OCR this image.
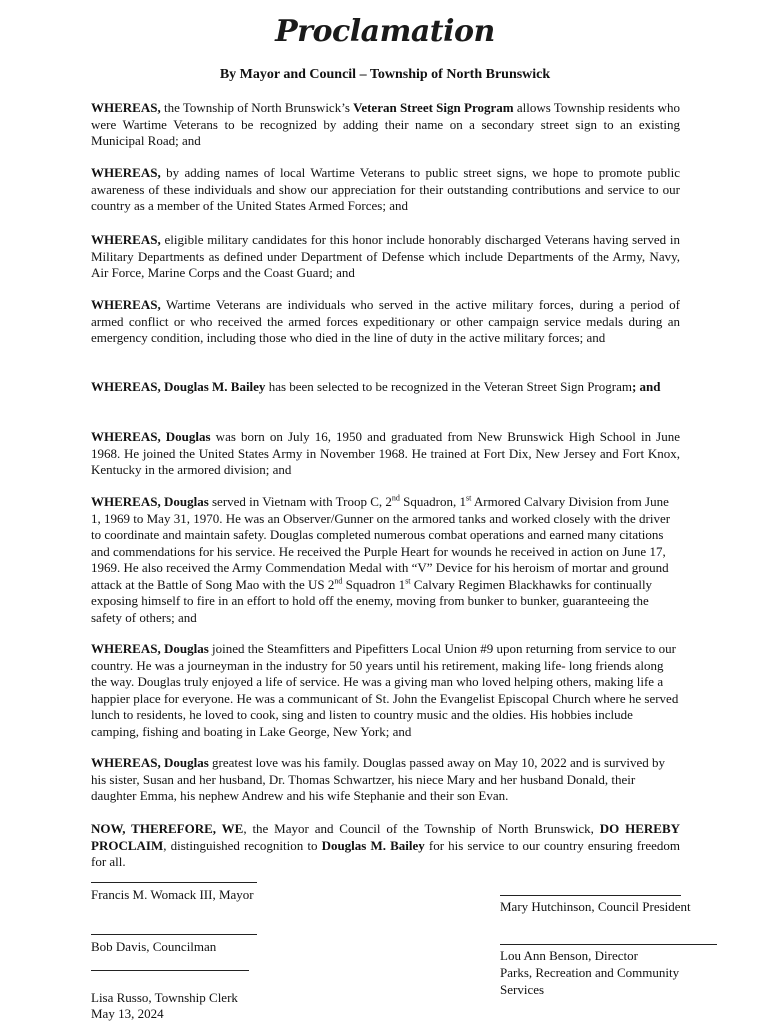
Proclamation
By Mayor and Council – Township of North Brunswick
WHEREAS, the Township of North Brunswick’s Veteran Street Sign Program allows Township residents who were Wartime Veterans to be recognized by adding their name on a secondary street sign to an existing Municipal Road; and
WHEREAS, by adding names of local Wartime Veterans to public street signs, we hope to promote public awareness of these individuals and show our appreciation for their outstanding contributions and service to our country as a member of the United States Armed Forces; and
WHEREAS, eligible military candidates for this honor include honorably discharged Veterans having served in Military Departments as defined under Department of Defense which include Departments of the Army, Navy, Air Force, Marine Corps and the Coast Guard; and
WHEREAS, Wartime Veterans are individuals who served in the active military forces, during a period of armed conflict or who received the armed forces expeditionary or other campaign service medals during an emergency condition, including those who died in the line of duty in the active military forces; and
WHEREAS, Douglas M. Bailey has been selected to be recognized in the Veteran Street Sign Program; and
WHEREAS, Douglas was born on July 16, 1950 and graduated from New Brunswick High School in June 1968. He joined the United States Army in November 1968. He trained at Fort Dix, New Jersey and Fort Knox, Kentucky in the armored division; and
WHEREAS, Douglas served in Vietnam with Troop C, 2nd Squadron, 1st Armored Calvary Division from June 1, 1969 to May 31, 1970. He was an Observer/Gunner on the armored tanks and worked closely with the driver to coordinate and maintain safety. Douglas completed numerous combat operations and earned many citations and commendations for his service. He received the Purple Heart for wounds he received in action on June 17, 1969. He also received the Army Commendation Medal with “V” Device for his heroism of mortar and ground attack at the Battle of Song Mao with the US 2nd Squadron 1st Calvary Regimen Blackhawks for continually exposing himself to fire in an effort to hold off the enemy, moving from bunker to bunker, guaranteeing the safety of others; and
WHEREAS, Douglas joined the Steamfitters and Pipefitters Local Union #9 upon returning from service to our country. He was a journeyman in the industry for 50 years until his retirement, making life- long friends along the way. Douglas truly enjoyed a life of service. He was a giving man who loved helping others, making life a happier place for everyone. He was a communicant of St. John the Evangelist Episcopal Church where he served lunch to residents, he loved to cook, sing and listen to country music and the oldies. His hobbies include camping, fishing and boating in Lake George, New York; and
WHEREAS, Douglas greatest love was his family. Douglas passed away on May 10, 2022 and is survived by his sister, Susan and her husband, Dr. Thomas Schwartzer, his niece Mary and her husband Donald, their daughter Emma, his nephew Andrew and his wife Stephanie and their son Evan.
NOW, THEREFORE, WE, the Mayor and Council of the Township of North Brunswick, DO HEREBY PROCLAIM, distinguished recognition to Douglas M. Bailey for his service to our country ensuring freedom for all.
Francis M. Womack III, Mayor
Bob Davis, Councilman
Lisa Russo, Township Clerk
May 13, 2024
Mary Hutchinson, Council President
Lou Ann Benson, Director
Parks, Recreation and Community Services
